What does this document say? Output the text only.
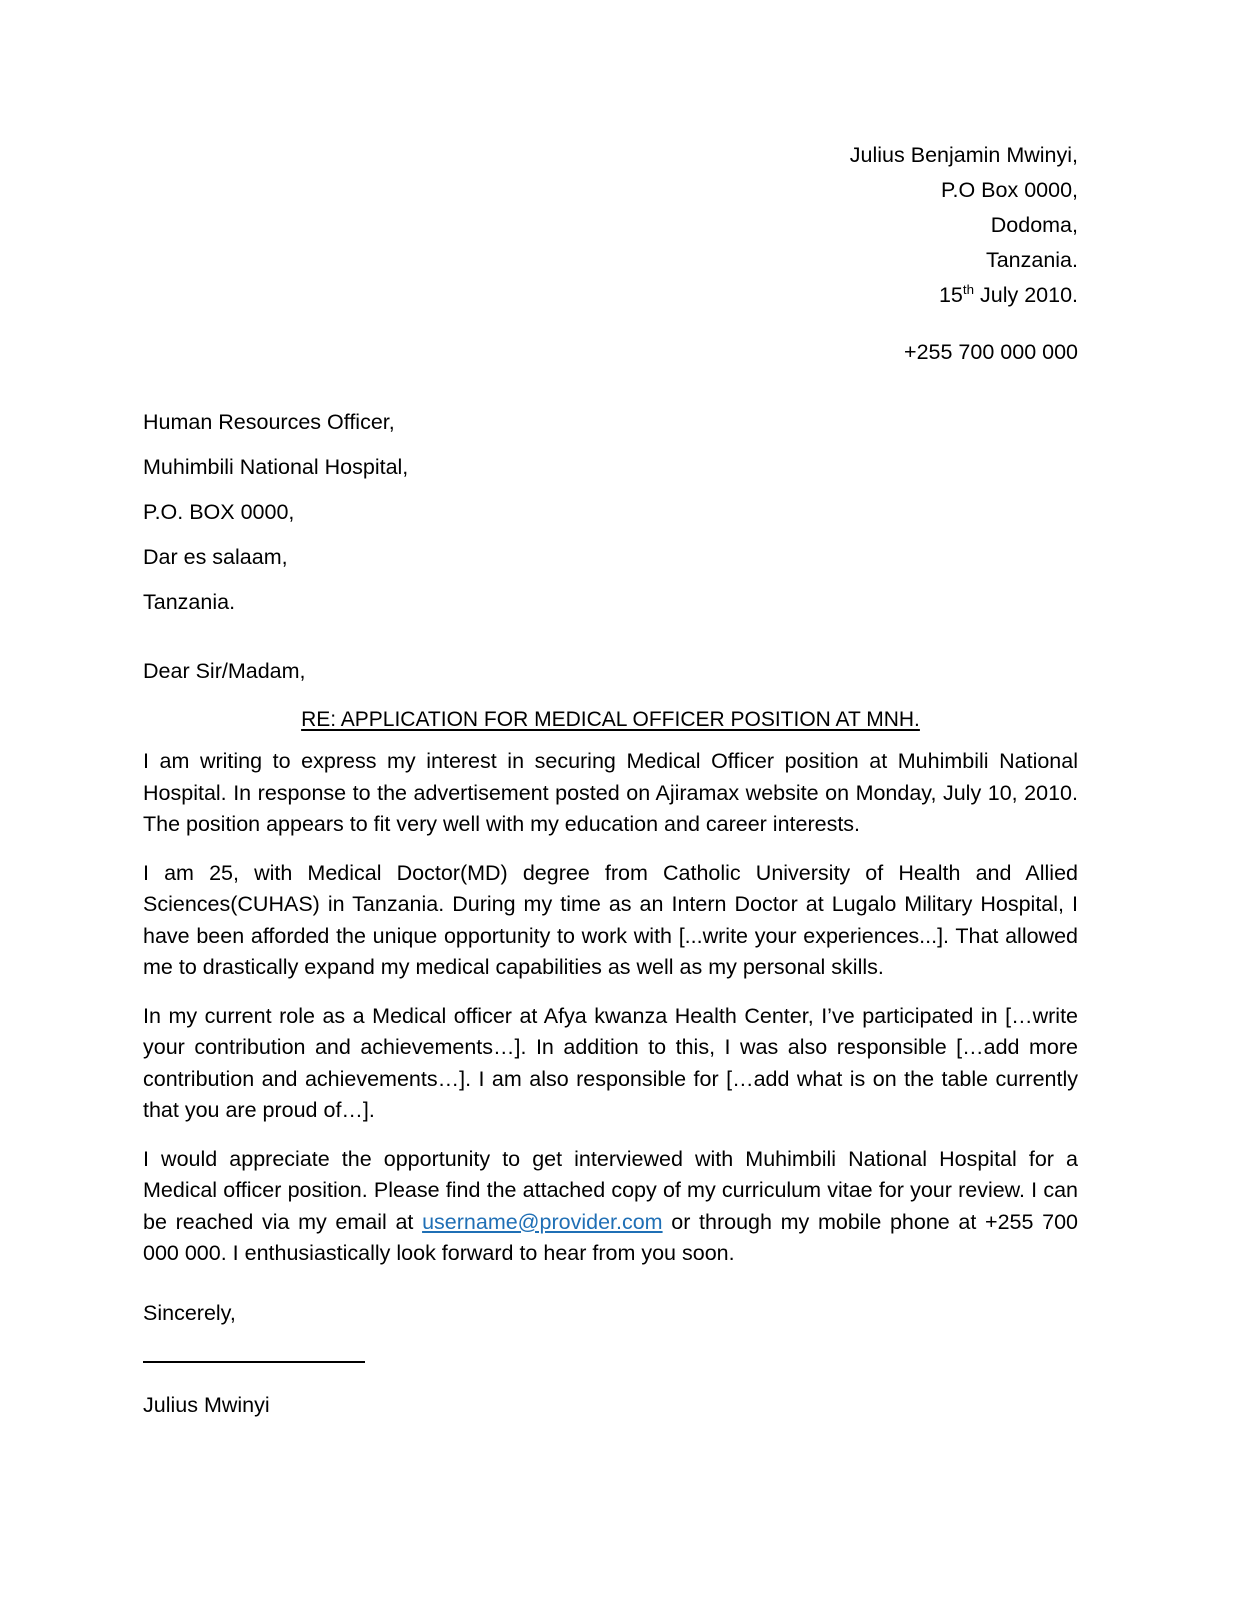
Julius Benjamin Mwinyi,
P.O Box 0000,
Dodoma,
Tanzania.
15th July 2010.
+255 700 000 000
Human Resources Officer,
Muhimbili National Hospital,
P.O. BOX 0000,
Dar es salaam,
Tanzania.
Dear Sir/Madam,
RE: APPLICATION FOR MEDICAL OFFICER POSITION AT MNH.

I am writing to express my interest in securing Medical Officer position at Muhimbili National Hospital. In response to the advertisement posted on Ajiramax website on Monday, July 10, 2010. The position appears to fit very well with my education and career interests.

I am 25, with Medical Doctor(MD) degree from Catholic University of Health and Allied Sciences(CUHAS) in Tanzania. During my time as an Intern Doctor at Lugalo Military Hospital, I have been afforded the unique opportunity to work with [...write your experiences...]. That allowed me to drastically expand my medical capabilities as well as my personal skills.

In my current role as a Medical officer at Afya kwanza Health Center, I’ve participated in […write your contribution and achievements…]. In addition to this, I was also responsible […add more contribution and achievements…]. I am also responsible for […add what is on the table currently that you are proud of…].

I would appreciate the opportunity to get interviewed with Muhimbili National Hospital for a Medical officer position. Please find the attached copy of my curriculum vitae for your review. I can be reached via my email at username@provider.com or through my mobile phone at +255 700 000 000. I enthusiastically look forward to hear from you soon.

Sincerely,
Julius Mwinyi
